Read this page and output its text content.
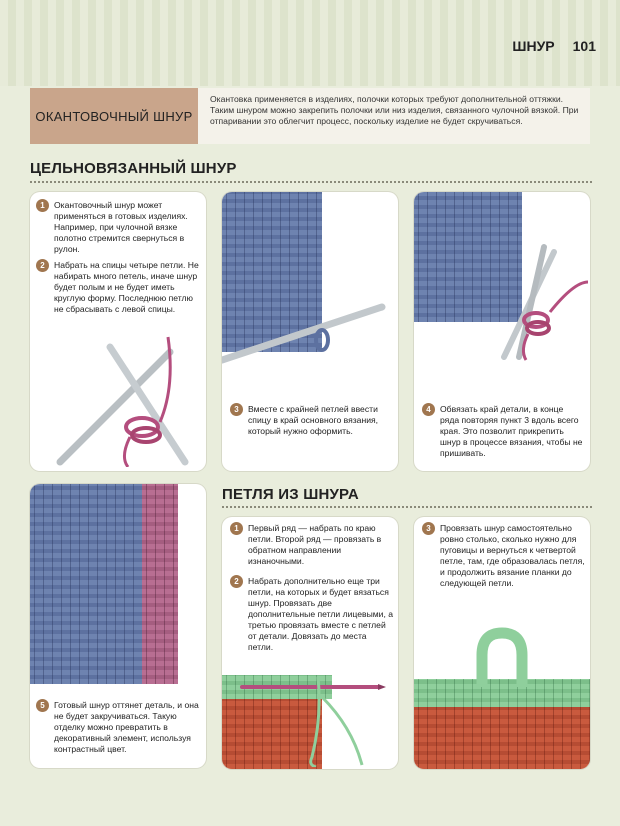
ШНУР 101
ОКАНТОВОЧНЫЙ ШНУР
Окантовка применяется в изделиях, полочки которых требуют дополнительной оттяжки. Таким шнуром можно закрепить полочки или низ изделия, связанного чулочной вязкой. При отпаривании это облегчит процесс, поскольку изделие не будет скручиваться.
ЦЕЛЬНОВЯЗАННЫЙ ШНУР
1	Окантовочный шнур может применяться в готовых изделиях. Например, при чулочной вязке полотно стремится свернуться в рулон.
2	Набрать на спицы четыре петли. Не набирать много петель, иначе шнур будет полым и не будет иметь круглую форму. Последнюю петлю не сбрасывать с левой спицы.
3	Вместе с крайней петлей ввести спицу в край основного вязания, который нужно оформить.
4	Обвязать край детали, в конце ряда повторяя пункт 3 вдоль всего края. Это позволит прикрепить шнур в процессе вязания, чтобы не пришивать.
5	Готовый шнур оттянет деталь, и она не будет закручиваться. Такую отделку можно превратить в декоративный элемент, используя контрастный цвет.
ПЕТЛЯ ИЗ ШНУРА
1	Первый ряд — набрать по краю петли. Второй ряд — провязать в обратном направлении изнаночными.
2	Набрать дополнительно еще три петли, на которых и будет вязаться шнур. Провязать две дополнительные петли лицевыми, а третью провязать вместе с петлей от детали. Довязать до места петли.
3	Провязать шнур самостоятельно ровно столько, сколько нужно для пуговицы и вернуться к четвертой петле, там, где образовалась петля, и продолжить вязание планки до следующей петли.
